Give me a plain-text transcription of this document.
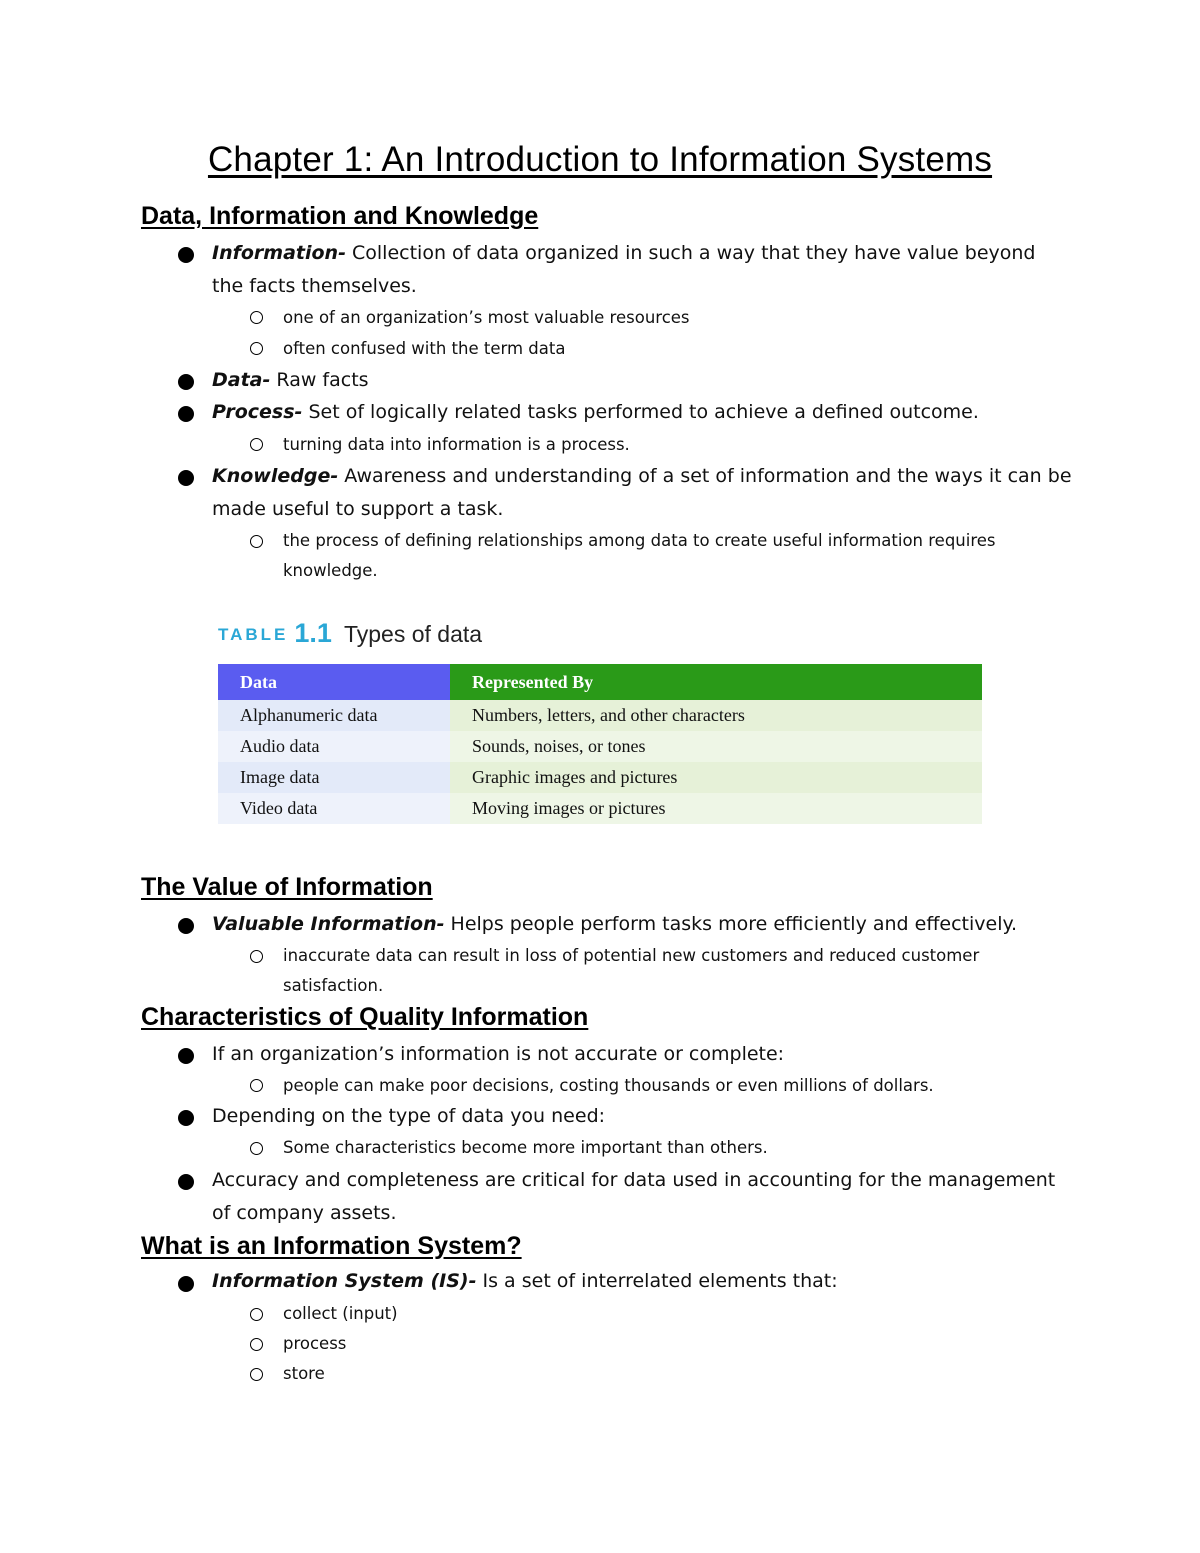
Chapter 1: An Introduction to Information Systems
Data, Information and Knowledge

Information- Collection of data organized in such a way that they have value beyond the facts themselves.

one of an organization’s most valuable resources

often confused with the term data

Data- Raw facts

Process- Set of logically related tasks performed to achieve a defined outcome.

turning data into information is a process.

Knowledge- Awareness and understanding of a set of information and the ways it can be made useful to support a task.

the process of defining relationships among data to create useful information requires knowledge.

TABLE 1.1 Types of data
Data	Represented By
Alphanumeric data	Numbers, letters, and other characters
Audio data	Sounds, noises, or tones
Image data	Graphic images and pictures
Video data	Moving images or pictures
The Value of Information

Valuable Information- Helps people perform tasks more efficiently and effectively.

inaccurate data can result in loss of potential new customers and reduced customer satisfaction.

Characteristics of Quality Information

If an organization’s information is not accurate or complete:

people can make poor decisions, costing thousands or even millions of dollars.

Depending on the type of data you need:

Some characteristics become more important than others.

Accuracy and completeness are critical for data used in accounting for the management of company assets.

What is an Information System?

Information System (IS)- Is a set of interrelated elements that:

collect (input)

process

store
